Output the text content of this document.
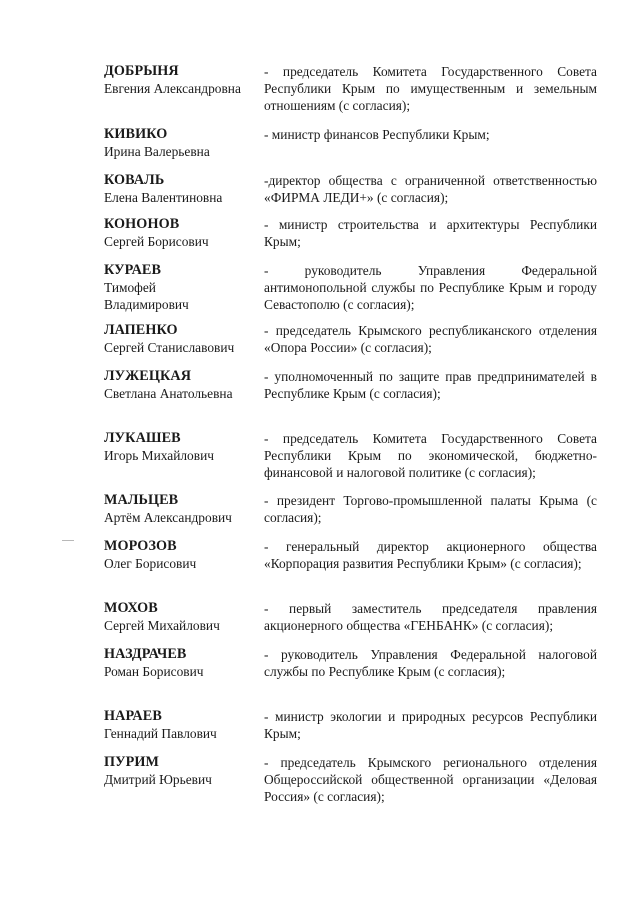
ДОБРЫНЯ
Евгения Александровна
- председатель Комитета Государственного Совета Республики Крым по имущественным и земельным отношениям (с согласия);
КИВИКО
Ирина Валерьевна
- министр финансов Республики Крым;
КОВАЛЬ
Елена Валентиновна
-директор общества с ограниченной ответственностью «ФИРМА ЛЕДИ+» (с согласия);
КОНОНОВ
Сергей Борисович
- министр строительства и архитектуры Республики Крым;
КУРАЕВ
Тимофей
Владимирович
- руководитель Управления Федеральной антимонопольной службы по Республике Крым и городу Севастополю (с согласия);
ЛАПЕНКО
Сергей Станиславович
- председатель Крымского республиканского отделения «Опора России» (с согласия);
ЛУЖЕЦКАЯ
Светлана Анатольевна
- уполномоченный по защите прав предпринимателей в Республике Крым (с согласия);
ЛУКАШЕВ
Игорь Михайлович
- председатель Комитета Государственного Совета Республики Крым по экономической, бюджетно-финансовой и налоговой политике (с согласия);
МАЛЬЦЕВ
Артём Александрович
- президент Торгово-промышленной палаты Крыма (с согласия);
МОРОЗОВ
Олег Борисович
- генеральный директор акционерного общества «Корпорация развития Республики Крым» (с согласия);
МОХОВ
Сергей Михайлович
- первый заместитель председателя правления акционерного общества «ГЕНБАНК» (с согласия);
НАЗДРАЧЕВ
Роман Борисович
- руководитель Управления Федеральной налоговой службы по Республике Крым (с согласия);
НАРАЕВ
Геннадий Павлович
- министр экологии и природных ресурсов Республики Крым;
ПУРИМ
Дмитрий Юрьевич
- председатель Крымского регионального отделения Общероссийской общественной организации «Деловая Россия» (с согласия);
